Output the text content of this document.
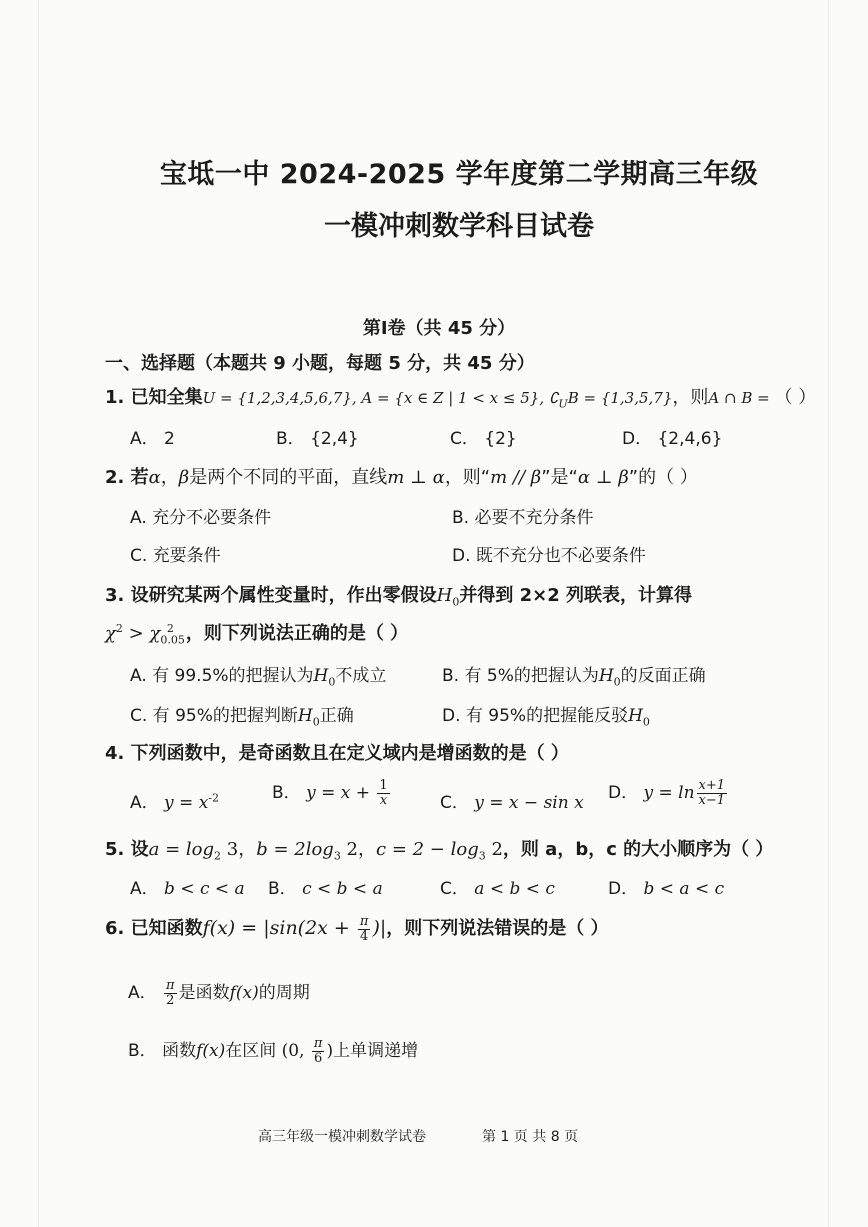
宝坻一中 2024-2025 学年度第二学期高三年级
一模冲刺数学科目试卷
第Ⅰ卷（共 45 分）
一、选择题（本题共 9 小题，每题 5 分，共 45 分）
1. 已知全集U = {1,2,3,4,5,6,7}, A = {x ∈ Z | 1 < x ≤ 5}, $∁_UB = \{1,3,5,7\}$，则A ∩ B = （ ）
A． 2	B． {2,4}	C． {2}	D． {2,4,6}
2. 若α，β是两个不同的平面，直线m ⊥ α，则“m // β”是“α ⊥ β”的（ ）
A. 充分不必要条件	B. 必要不充分条件
C. 充要条件	D. 既不充分也不必要条件
3. 设研究某两个属性变量时，作出零假设$H_0$并得到 2×2 列联表，计算得
$\chi^2 > \chi_{0.05}^2$ ，则下列说法正确的是（ ）
A. 有 99.5%的把握认为$H_0$不成立	B. 有 5%的把握认为$H_0$的反面正确
C. 有 95%的把握判断$H_0$正确	D. 有 95%的把握能反驳$H_0$
4. 下列函数中，是奇函数且在定义域内是增函数的是（ ）
A． $y = x^{-2}$	B． $y = x + \frac{1}{x}$	C． y = x − sin x D． $y = \ln \frac{x+1}{x-1}$
5. 设$a = \log_2 3$，$b = 2\log_3$ 2，$c = 2 - \log_3 2$，则 a，b，c 的大小顺序为（ ）
A． b < c < a B． c < b < a	C． a < b < c	D． b < a < c
6. 已知函数$f(x) = |\sin(2x + \frac{\pi}{4}$ )|，则下列说法错误的是（ ）
A． $\frac{\pi}{2}$ 是函数f(x)的周期
B． 函数f(x)在区间 (0, $\frac{\pi}{6}$ )上单调递增
高三年级一模冲刺数学试卷	第 1 页 共 8 页
